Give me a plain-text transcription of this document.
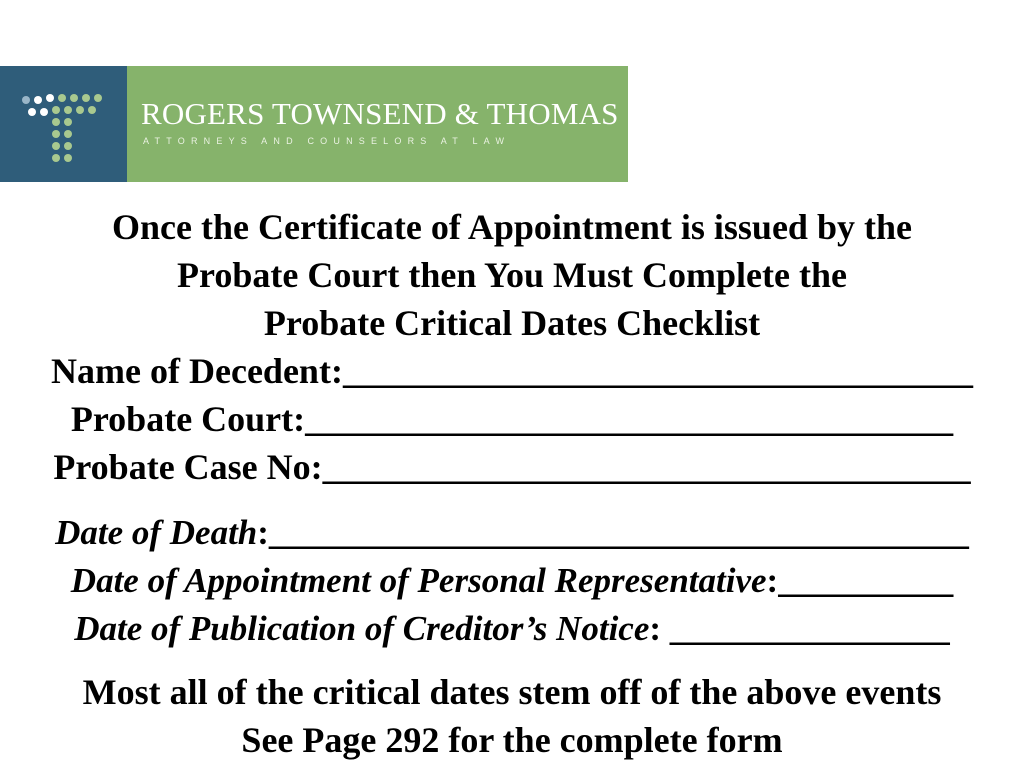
ROGERS TOWNSEND & THOMAS
ATTORNEYS AND COUNSELORS AT LAW
Once the Certificate of Appointment is issued by the
Probate Court then You Must Complete the
Probate Critical Dates Checklist
Name of Decedent:___________________________________
Probate Court:____________________________________
Probate Case No:____________________________________
Date of Death:________________________________________
Date of Appointment of Personal Representative:__________
Date of Publication of Creditor’s Notice: ________________
Most all of the critical dates stem off of the above events
See Page 292 for the complete form
